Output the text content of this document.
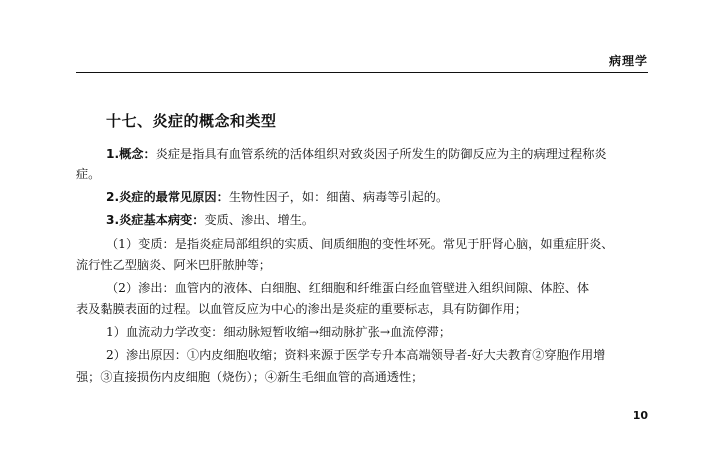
病理学
十七、炎症的概念和类型
1.概念：炎症是指具有血管系统的活体组织对致炎因子所发生的防御反应为主的病理过程称炎
症。
2.炎症的最常见原因：生物性因子，如：细菌、病毒等引起的。
3.炎症基本病变：变质、渗出、增生。
（1）变质：是指炎症局部组织的实质、间质细胞的变性坏死。常见于肝肾心脑，如重症肝炎、
流行性乙型脑炎、阿米巴肝脓肿等；
（2）渗出：血管内的液体、白细胞、红细胞和纤维蛋白经血管壁进入组织间隙、体腔、体
表及黏膜表面的过程。以血管反应为中心的渗出是炎症的重要标志，具有防御作用；
1）血流动力学改变：细动脉短暂收缩→细动脉扩张→血流停滞；
2）渗出原因：①内皮细胞收缩；资料来源于医学专升本高端领导者-好大夫教育②穿胞作用增
强；③直接损伤内皮细胞（烧伤）；④新生毛细血管的高通透性；
10
